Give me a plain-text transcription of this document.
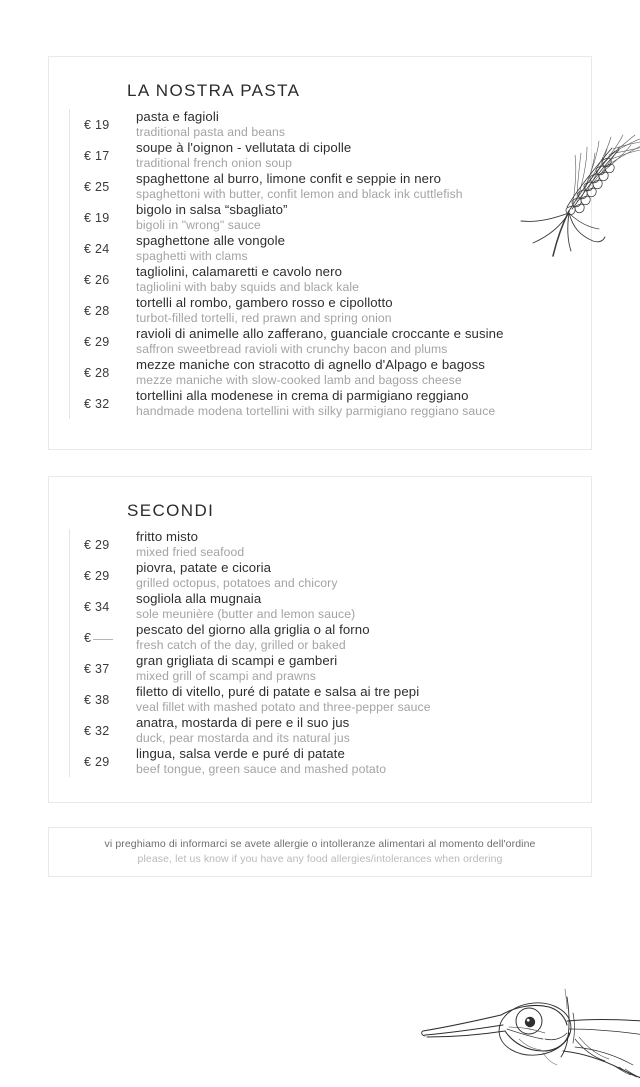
LA NOSTRA PASTA
€ 19
pasta e fagioli
traditional pasta and beans
€ 17
soupe à l'oignon - vellutata di cipolle
traditional french onion soup
€ 25
spaghettone al burro, limone confit e seppie in nero
spaghettoni with butter, confit lemon and black ink cuttlefish
€ 19
bigolo in salsa “sbagliato”
bigoli in "wrong" sauce
€ 24
spaghettone alle vongole
spaghetti with clams
€ 26
tagliolini, calamaretti e cavolo nero
tagliolini with baby squids and black kale
€ 28
tortelli al rombo, gambero rosso e cipollotto
turbot-filled tortelli, red prawn and spring onion
€ 29
ravioli di animelle allo zafferano, guanciale croccante e susine
saffron sweetbread ravioli with crunchy bacon and plums
€ 28
mezze maniche con stracotto di agnello d'Alpago e bagoss
mezze maniche with slow-cooked lamb and bagoss cheese
€ 32
tortellini alla modenese in crema di parmigiano reggiano
handmade modena tortellini with silky parmigiano reggiano sauce
SECONDI
€ 29
fritto misto
mixed fried seafood
€ 29
piovra, patate e cicoria
grilled octopus, potatoes and chicory
€ 34
sogliola alla mugnaia
sole meunière (butter and lemon sauce)
€
pescato del giorno alla griglia o al forno
fresh catch of the day, grilled or baked
€ 37
gran grigliata di scampi e gamberi
mixed grill of scampi and prawns
€ 38
filetto di vitello, puré di patate e salsa ai tre pepi
veal fillet with mashed potato and three-pepper sauce
€ 32
anatra, mostarda di pere e il suo jus
duck, pear mostarda and its natural jus
€ 29
lingua, salsa verde e puré di patate
beef tongue, green sauce and mashed potato
vi preghiamo di informarci se avete allergie o intolleranze alimentari al momento dell'ordine
please, let us know if you have any food allergies/intolerances when ordering
